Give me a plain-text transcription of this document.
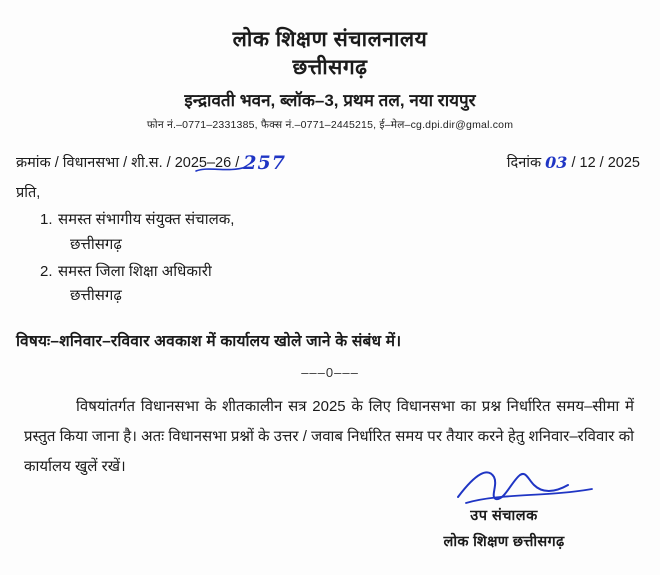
लोक शिक्षण संचालनालय
छत्तीसगढ़
इन्द्रावती भवन, ब्लॉक–3, प्रथम तल, नया रायपुर
फोन नं.–0771–2331385, फैक्स नं.–0771–2445215, ई–मेल–cg.dpi.dir@gmal.com
क्रमांक / विधानसभा / शी.स. / 2025–26 / 257	दिनांक 03 / 12 / 2025
प्रति,
1. समस्त संभागीय संयुक्त संचालक,
छत्तीसगढ़
2. समस्त जिला शिक्षा अधिकारी
छत्तीसगढ़
विषयः–शनिवार–रविवार अवकाश में कार्यालय खोले जाने के संबंध में।
–––0–––
विषयांतर्गत विधानसभा के शीतकालीन सत्र 2025 के लिए विधानसभा का प्रश्न निर्धारित समय–सीमा में प्रस्तुत किया जाना है। अतः विधानसभा प्रश्नों के उत्तर / जवाब निर्धारित समय पर तैयार करने हेतु शनिवार–रविवार को कार्यालय खुलें रखें।
उप संचालक
लोक शिक्षण छत्तीसगढ़
